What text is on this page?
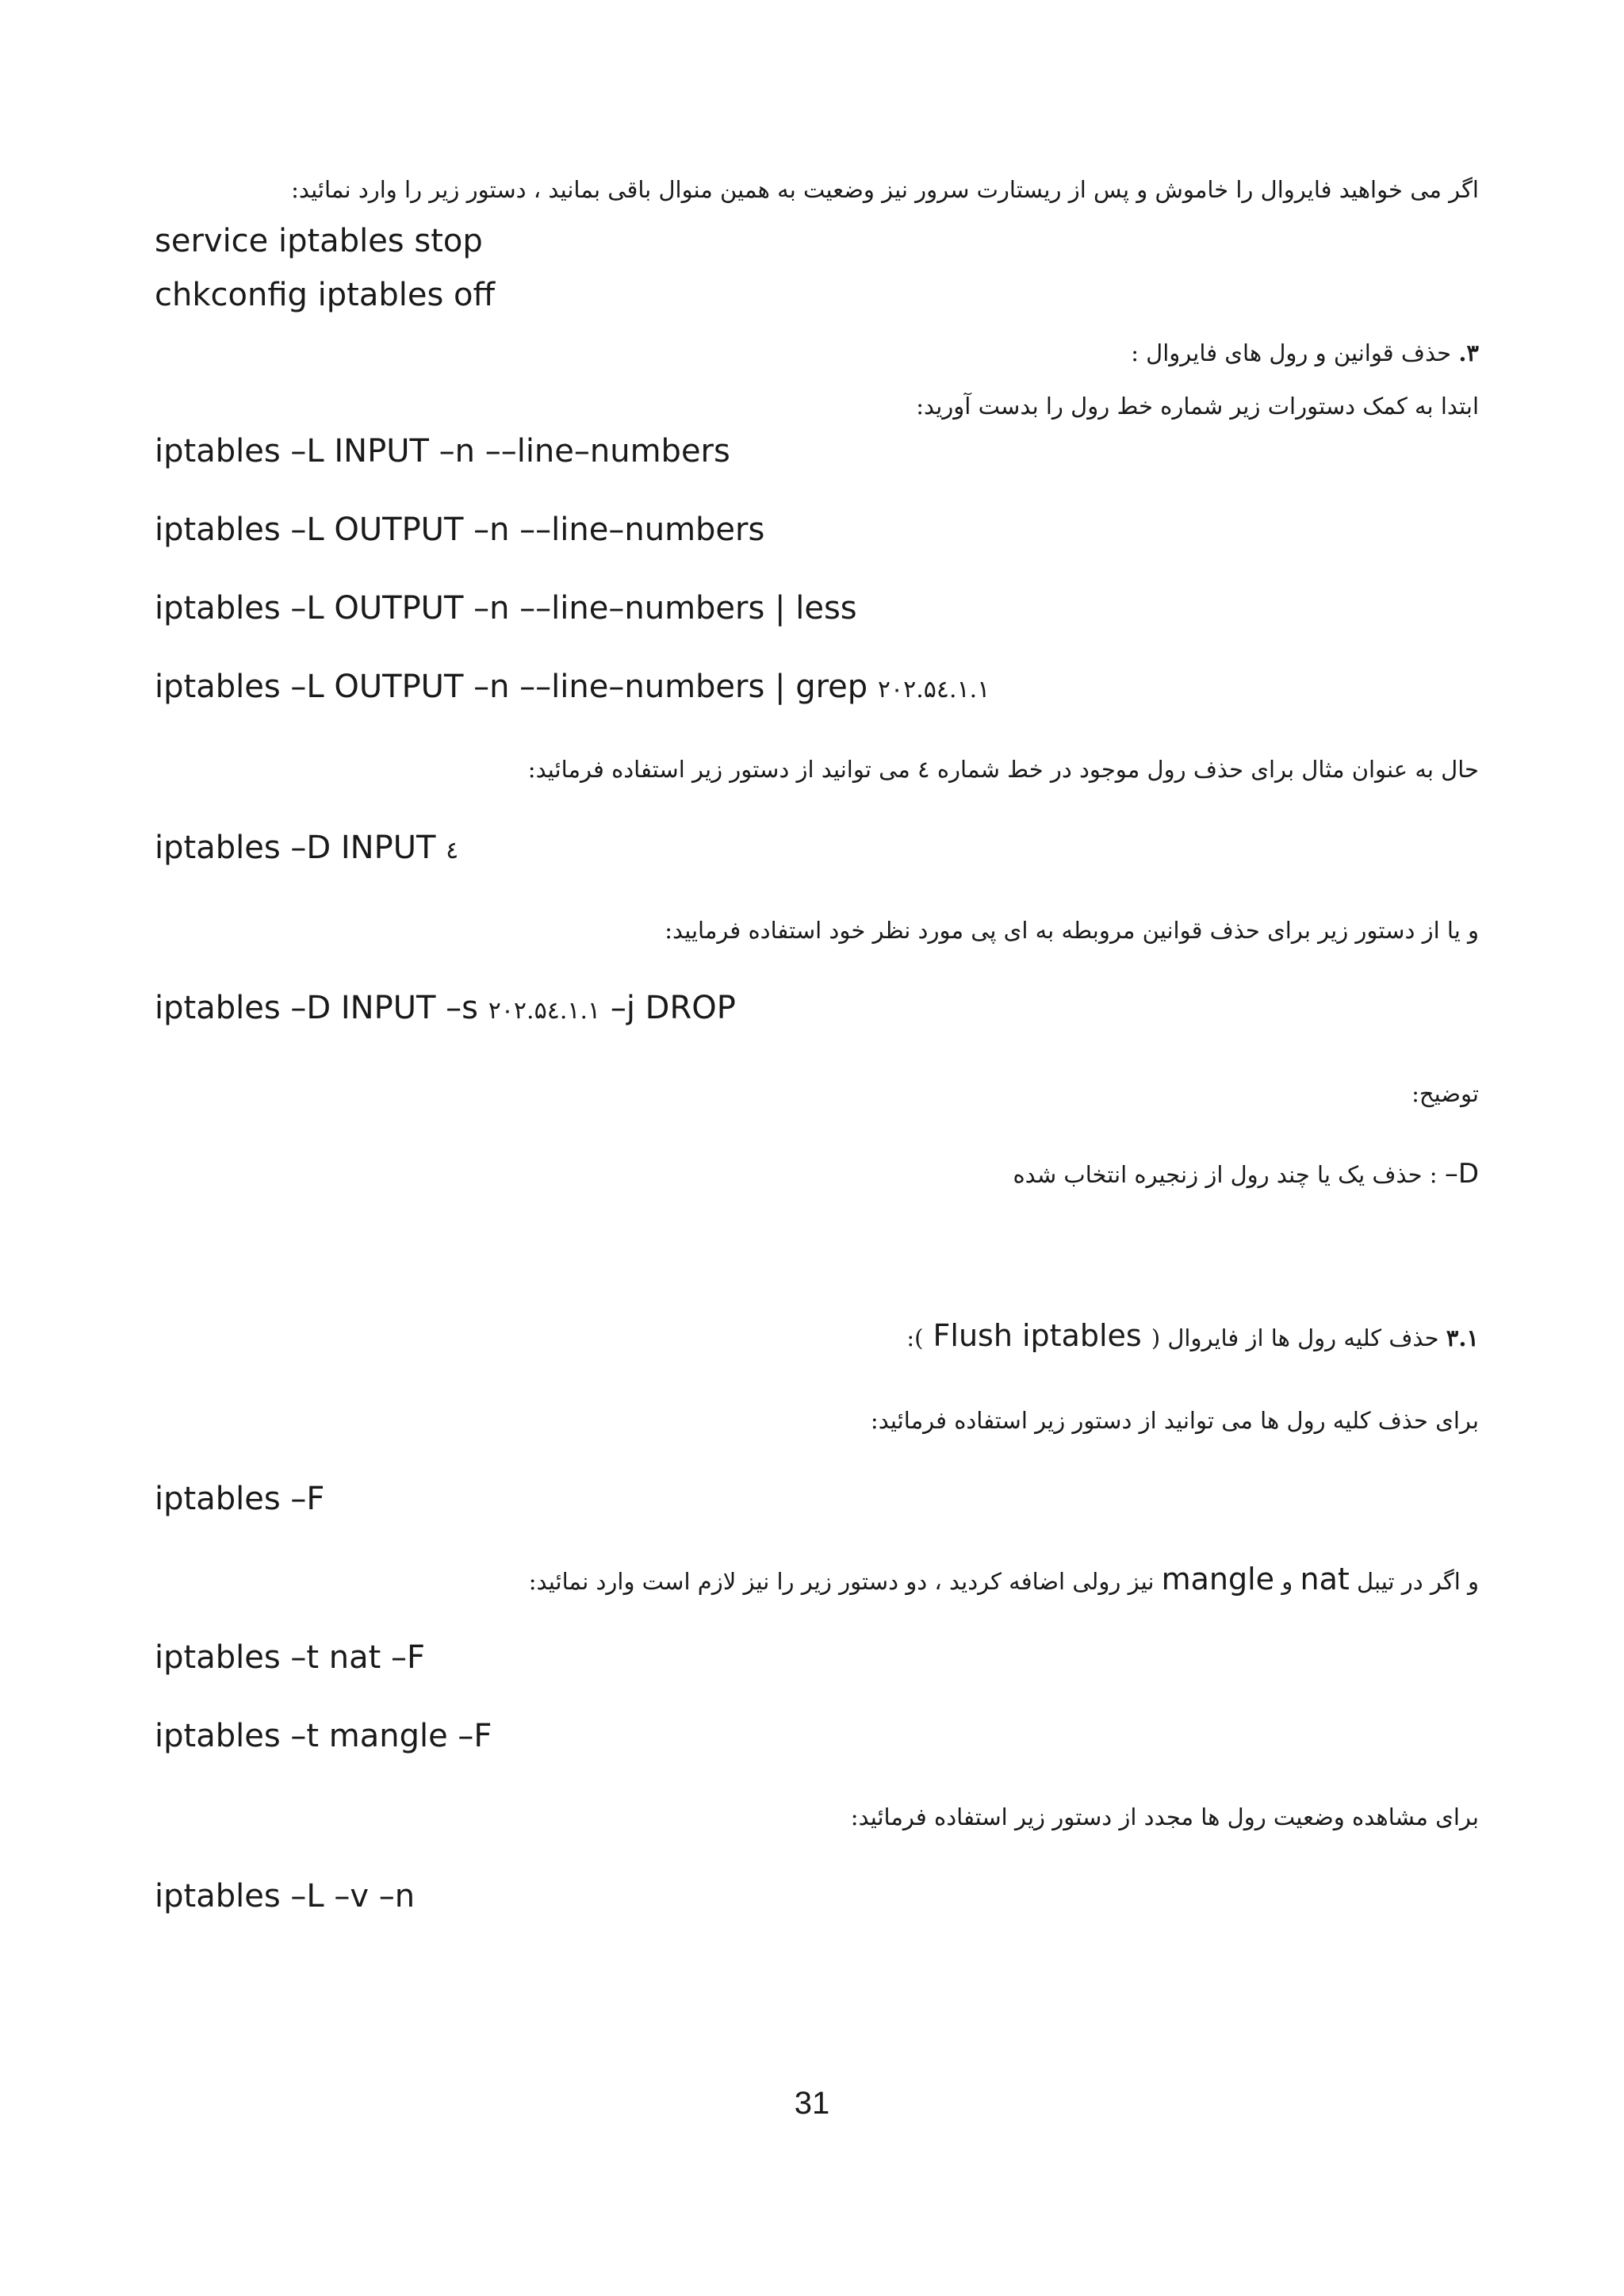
اگر می خواهید فایروال را خاموش و پس از ریستارت سرور نیز وضعیت به همین منوال باقی بمانید ، دستور زیر را وارد نمائید:
service iptables stop
chkconfig iptables off
۳. حذف قوانین و رول های فایروال :
ابتدا به کمک دستورات زیر شماره خط رول را بدست آورید:
iptables –L INPUT –n ––line–numbers
iptables –L OUTPUT –n ––line–numbers
iptables –L OUTPUT –n ––line–numbers | less
iptables –L OUTPUT –n ––line–numbers | grep ۲۰۲.۵٤.۱.۱
حال به عنوان مثال برای حذف رول موجود در خط شماره ٤ می توانید از دستور زیر استفاده فرمائید:
iptables –D INPUT ٤
و یا از دستور زیر برای حذف قوانین مروبطه به ای پی مورد نظر خود استفاده فرمایید:
iptables –D INPUT –s ۲۰۲.۵٤.۱.۱ –j DROP
توضیح:
D– : حذف یک یا چند رول از زنجیره انتخاب شده
۳.۱ حذف کلیه رول ها از فایروال ( Flush iptables ):
برای حذف کلیه رول ها می توانید از دستور زیر استفاده فرمائید:
iptables –F
و اگر در تیبل nat و mangle نیز رولی اضافه کردید ، دو دستور زیر را نیز لازم است وارد نمائید:
iptables –t nat –F
iptables –t mangle –F
برای مشاهده وضعیت رول ها مجدد از دستور زیر استفاده فرمائید:
iptables –L –v –n
31
